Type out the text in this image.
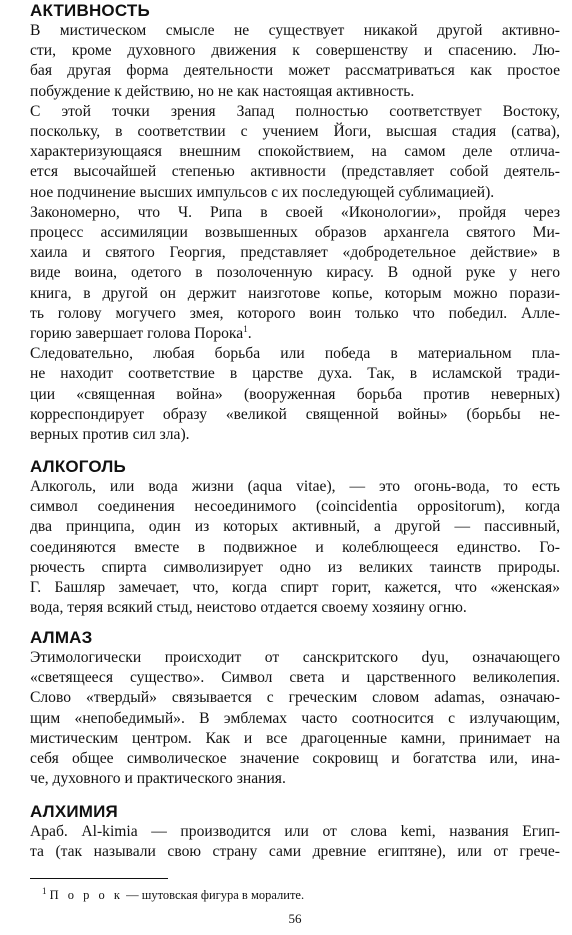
АКТИВНОСТЬ
В мистическом смысле не существует никакой другой активно-
сти, кроме духовного движения к совершенству и спасению. Лю-
бая другая форма деятельности может рассматриваться как простое
побуждение к действию, но не как настоящая активность.
С этой точки зрения Запад полностью соответствует Востоку,
поскольку, в соответствии с учением Йоги, высшая стадия (сатва),
характеризующаяся внешним спокойствием, на самом деле отлича-
ется высочайшей степенью активности (представляет собой деятель-
ное подчинение высших импульсов с их последующей сублимацией).
Закономерно, что Ч. Рипа в своей «Иконологии», пройдя через
процесс ассимиляции возвышенных образов архангела святого Ми-
хаила и святого Георгия, представляет «добродетельное действие» в
виде воина, одетого в позолоченную кирасу. В одной руке у него
книга, в другой он держит наизготове копье, которым можно порази-
ть голову могучего змея, которого воин только что победил. Алле-
горию завершает голова Порока$^1$.
Следовательно, любая борьба или победа в материальном пла-
не находит соответствие в царстве духа. Так, в исламской тради-
ции «священная война» (вооруженная борьба против неверных)
корреспондирует образу «великой священной войны» (борьбы не-
верных против сил зла).
АЛКОГОЛЬ
Алкоголь, или вода жизни (aqua vitae), — это огонь-вода, то есть
символ соединения несоединимого (coincidentia oppositorum), когда
два принципа, один из которых активный, а другой — пассивный,
соединяются вместе в подвижное и колеблющееся единство. Го-
рючесть спирта символизирует одно из великих таинств природы.
Г. Башляр замечает, что, когда спирт горит, кажется, что «женская»
вода, теряя всякий стыд, неистово отдается своему хозяину огню.
АЛМАЗ
Этимологически происходит от санскритского dyu, означающего
«светящееся существо». Символ света и царственного великолепия.
Слово «твердый» связывается с греческим словом adamas, означаю-
щим «непобедимый». В эмблемах часто соотносится с излучающим,
мистическим центром. Как и все драгоценные камни, принимает на
себя общее символическое значение сокровищ и богатства или, ина-
че, духовного и практического знания.
АЛХИМИЯ
Араб. Al-kimia — производится или от слова kemi, названия Егип-
та (так называли свою страну сами древние египтяне), или от грече-

$^1$ П о р о к — шутовская фигура в моралите.

56
